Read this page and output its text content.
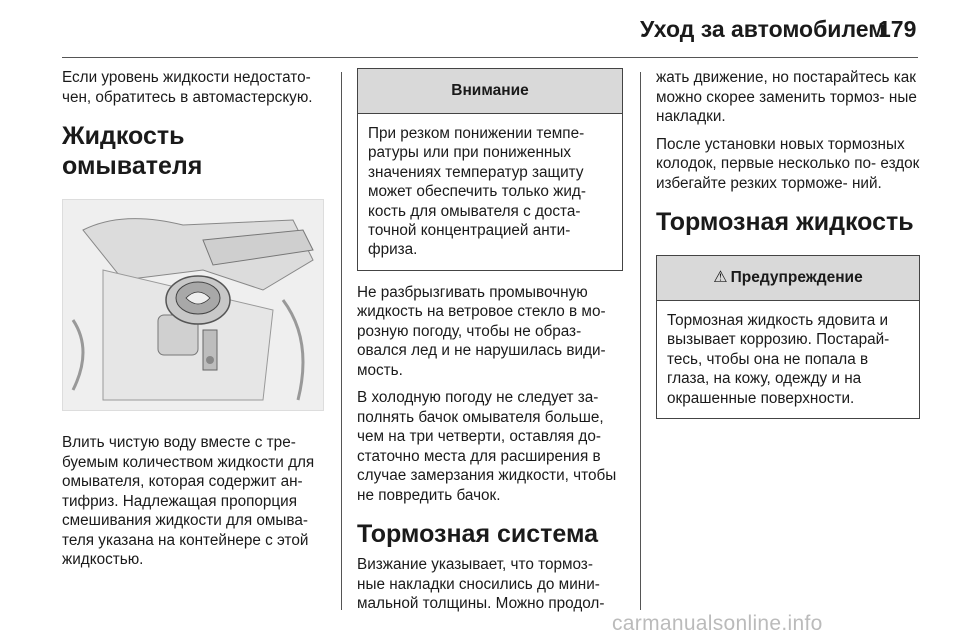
Уход за автомобилем
179

Если уровень жидкости недостато- чен, обратитесь в автомастерскую.

Жидкость омывателя

Влить чистую воду вместе с тре- буемым количеством жидкости для омывателя, которая содержит ан- тифриз. Надлежащая пропорция смешивания жидкости для омыва- теля указана на контейнере с этой жидкостью.

Внимание
При резком понижении темпе- ратуры или при пониженных значениях температур защиту может обеспечить только жид- кость для омывателя с доста- точной концентрацией анти- фриза.

Не разбрызгивать промывочную жидкость на ветровое стекло в мо- розную погоду, чтобы не образ- овался лед и не нарушилась види- мость.

В холодную погоду не следует за- полнять бачок омывателя больше, чем на три четверти, оставляя до- статочно места для расширения в случае замерзания жидкости, чтобы не повредить бачок.

Тормозная система

Визжание указывает, что тормоз- ные накладки сносились до мини- мальной толщины. Можно продол-

жать движение, но постарайтесь как можно скорее заменить тормоз- ные накладки.

После установки новых тормозных колодок, первые несколько по- ездок избегайте резких торможе- ний.

Тормозная жидкость
⚠ Предупреждение
Тормозная жидкость ядовита и вызывает коррозию. Постарай- тесь, чтобы она не попала в глаза, на кожу, одежду и на окрашенные поверхности.
carmanualsonline.info
